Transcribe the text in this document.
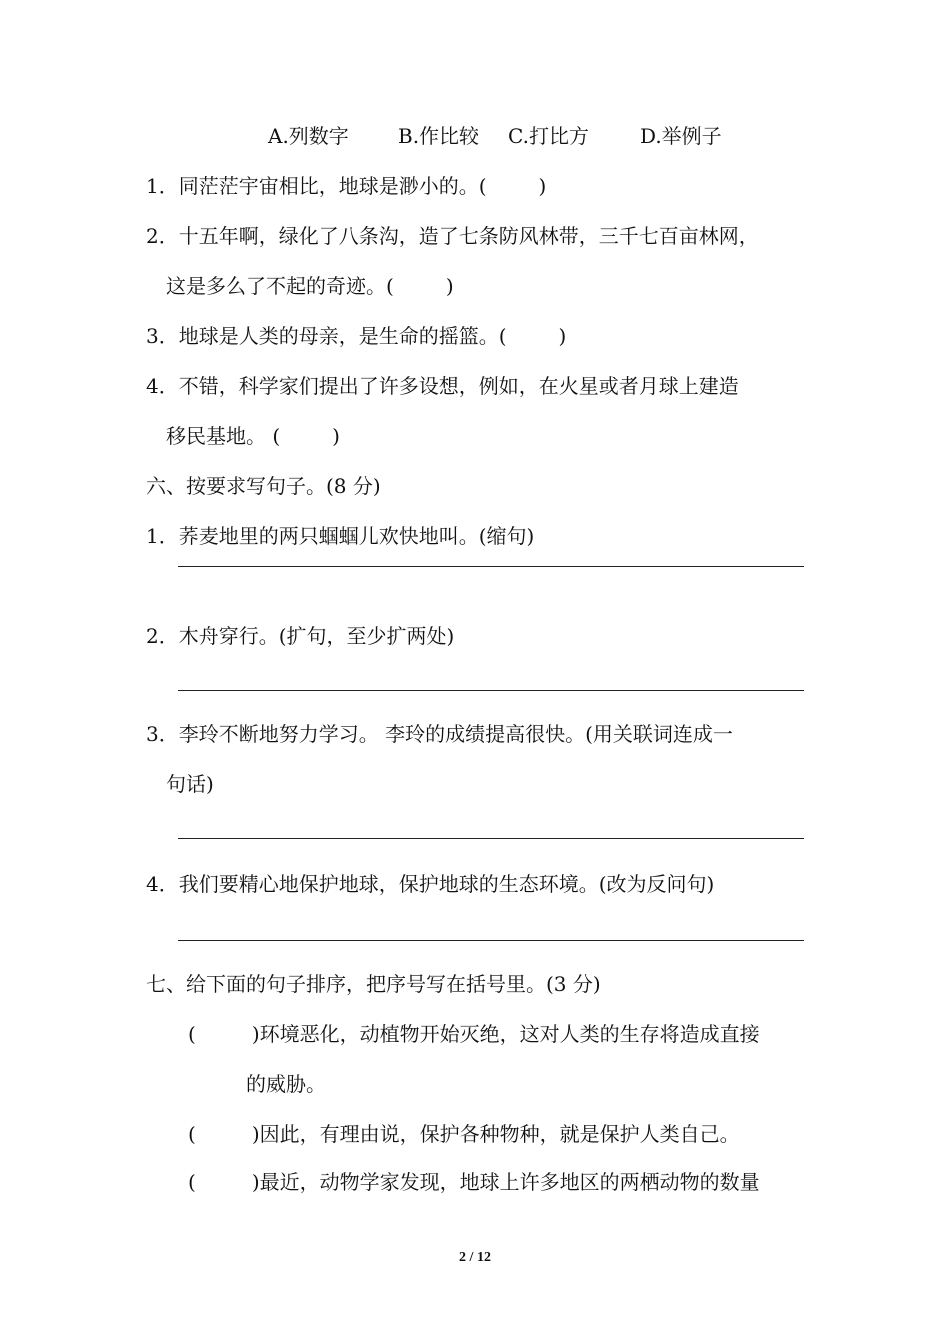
A.列数字 B.作比较 C.打比方	D.举例子
1．同茫茫宇宙相比，地球是渺小的。(	)
2．十五年啊，绿化了八条沟，造了七条防风林带，三千七百亩林网，
这是多么了不起的奇迹。(	)
3．地球是人类的母亲，是生命的摇篮。(	)
4．不错，科学家们提出了许多设想，例如，在火星或者月球上建造
移民基地。 (	)
六、按要求写句子。(8 分)
1．荞麦地里的两只蝈蝈儿欢快地叫。(缩句)
2．木舟穿行。(扩句，至少扩两处)
3．李玲不断地努力学习。 李玲的成绩提高很快。(用关联词连成一
句话)
4．我们要精心地保护地球，保护地球的生态环境。(改为反问句)
七、给下面的句子排序，把序号写在括号里。(3 分)
(	)环境恶化，动植物开始灭绝，这对人类的生存将造成直接
的威胁。
(	)因此，有理由说，保护各种物种，就是保护人类自己。
(	)最近，动物学家发现，地球上许多地区的两栖动物的数量
2 / 12
